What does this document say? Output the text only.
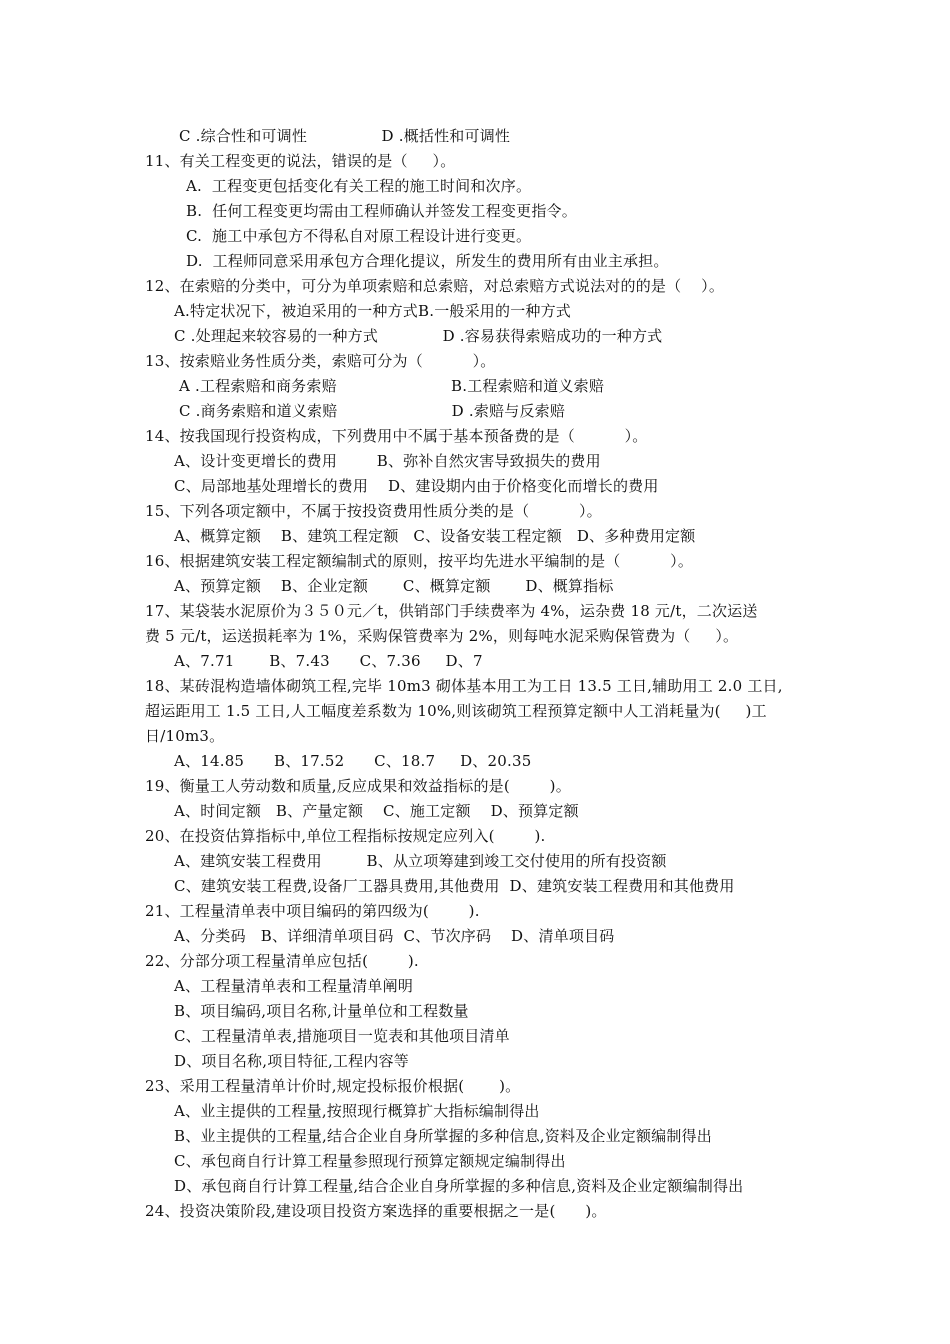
C .综合性和可调性               D .概括性和可调性
11、有关工程变更的说法，错误的是（     ）。
A.  工程变更包括变化有关工程的施工时间和次序。
B.  任何工程变更均需由工程师确认并签发工程变更指令。
C.  施工中承包方不得私自对原工程设计进行变更。
D.  工程师同意采用承包方合理化提议，所发生的费用所有由业主承担。
12、在索赔的分类中，可分为单项索赔和总索赔，对总索赔方式说法对的的是（    ）。
A.特定状况下，被迫采用的一种方式B.一般采用的一种方式
C .处理起来较容易的一种方式             D .容易获得索赔成功的一种方式
13、按索赔业务性质分类，索赔可分为（          ）。
A .工程索赔和商务索赔                       B.工程索赔和道义索赔
C .商务索赔和道义索赔                       D .索赔与反索赔
14、按我国现行投资构成，下列费用中不属于基本预备费的是（          ）。
A、设计变更增长的费用        B、弥补自然灾害导致损失的费用
C、局部地基处理增长的费用    D、建设期内由于价格变化而增长的费用
15、下列各项定额中，不属于按投资费用性质分类的是（          ）。
A、概算定额    B、建筑工程定额   C、设备安装工程定额   D、多种费用定额
16、根据建筑安装工程定额编制式的原则，按平均先进水平编制的是（          ）。
A、预算定额    B、企业定额       C、概算定额       D、概算指标
17、某袋装水泥原价为３５０元／t，供销部门手续费率为 4%，运杂费 18 元/t，二次运送
费 5 元/t，运送损耗率为 1%，采购保管费率为 2%，则每吨水泥采购保管费为（     ）。
A、7.71       B、7.43      C、7.36     D、7
18、某砖混构造墙体砌筑工程,完毕 10m3 砌体基本用工为工日 13.5 工日,辅助用工 2.0 工日,
超运距用工 1.5 工日,人工幅度差系数为 10%,则该砌筑工程预算定额中人工消耗量为(     )工
日/10m3。
A、14.85      B、17.52      C、18.7     D、20.35
19、衡量工人劳动数和质量,反应成果和效益指标的是(        )。
A、时间定额   B、产量定额    C、施工定额    D、预算定额
20、在投资估算指标中,单位工程指标按规定应列入(        ).
A、建筑安装工程费用         B、从立项筹建到竣工交付使用的所有投资额
C、建筑安装工程费,设备厂工器具费用,其他费用  D、建筑安装工程费用和其他费用
21、工程量清单表中项目编码的第四级为(        ).
A、分类码   B、详细清单项目码  C、节次序码    D、清单项目码
22、分部分项工程量清单应包括(        ).
A、工程量清单表和工程量清单阐明
B、项目编码,项目名称,计量单位和工程数量
C、工程量清单表,措施项目一览表和其他项目清单
D、项目名称,项目特征,工程内容等
23、采用工程量清单计价时,规定投标报价根据(       )。
A、业主提供的工程量,按照现行概算扩大指标编制得出
B、业主提供的工程量,结合企业自身所掌握的多种信息,资料及企业定额编制得出
C、承包商自行计算工程量参照现行预算定额规定编制得出
D、承包商自行计算工程量,结合企业自身所掌握的多种信息,资料及企业定额编制得出
24、投资决策阶段,建设项目投资方案选择的重要根据之一是(      )。
